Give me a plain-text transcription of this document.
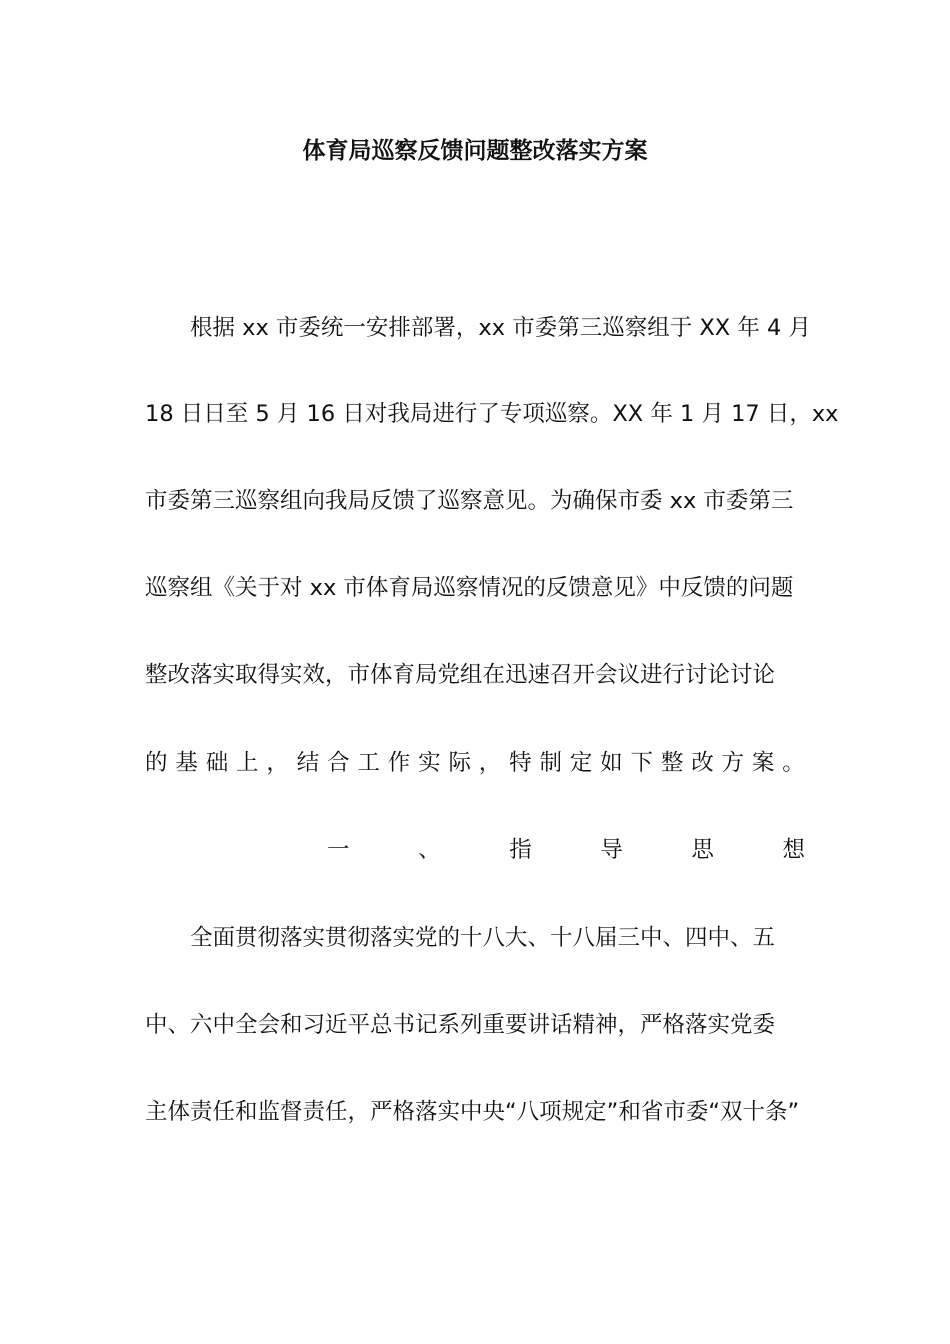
体育局巡察反馈问题整改落实方案
根据 xx 市委统一安排部署，xx 市委第三巡察组于 XX 年 4 月
18 日日至 5 月 16 日对我局进行了专项巡察。XX 年 1 月 17 日，xx
市委第三巡察组向我局反馈了巡察意见。为确保市委 xx 市委第三
巡察组《关于对 xx 市体育局巡察情况的反馈意见》中反馈的问题
整改落实取得实效，市体育局党组在迅速召开会议进行讨论讨论
的 基 础 上 ， 结 合 工 作 实 际 ， 特 制 定 如 下 整 改 方 案 。
一	、	指	导	思	想
全面贯彻落实贯彻落实党的十八大、十八届三中、四中、五
中、六中全会和习近平总书记系列重要讲话精神，严格落实党委
主体责任和监督责任，严格落实中央“八项规定”和省市委“双十条”
